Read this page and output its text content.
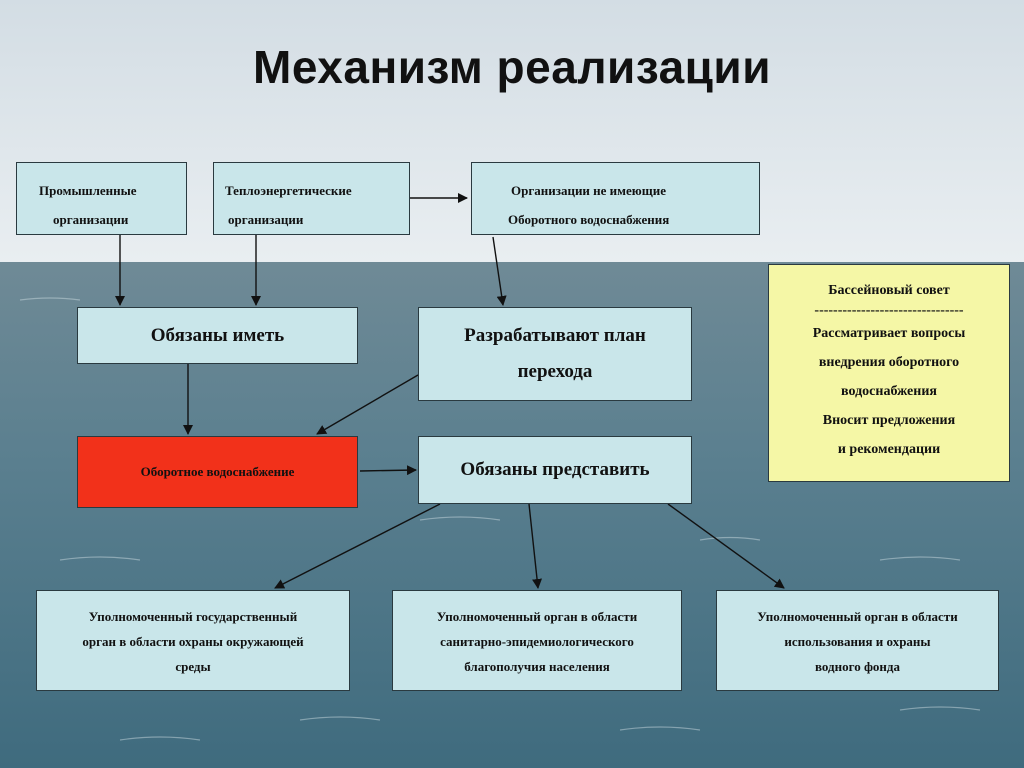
Механизм реализации
Промышленные
организации
Теплоэнергетические
организации
Организации не имеющие
Оборотного водоснабжения
Обязаны иметь	Разрабатывают план
перехода
Оборотное водоснабжение	Обязаны представить
Бассейновый совет
--------------------------------
Рассматривает вопросы
внедрения оборотного
водоснабжения
Вносит предложения
и рекомендации
Уполномоченный государственный
орган в области охраны окружающей
среды
Уполномоченный орган в области
санитарно-эпидемиологического
благополучия населения
Уполномоченный орган в области
использования и охраны
водного фонда
